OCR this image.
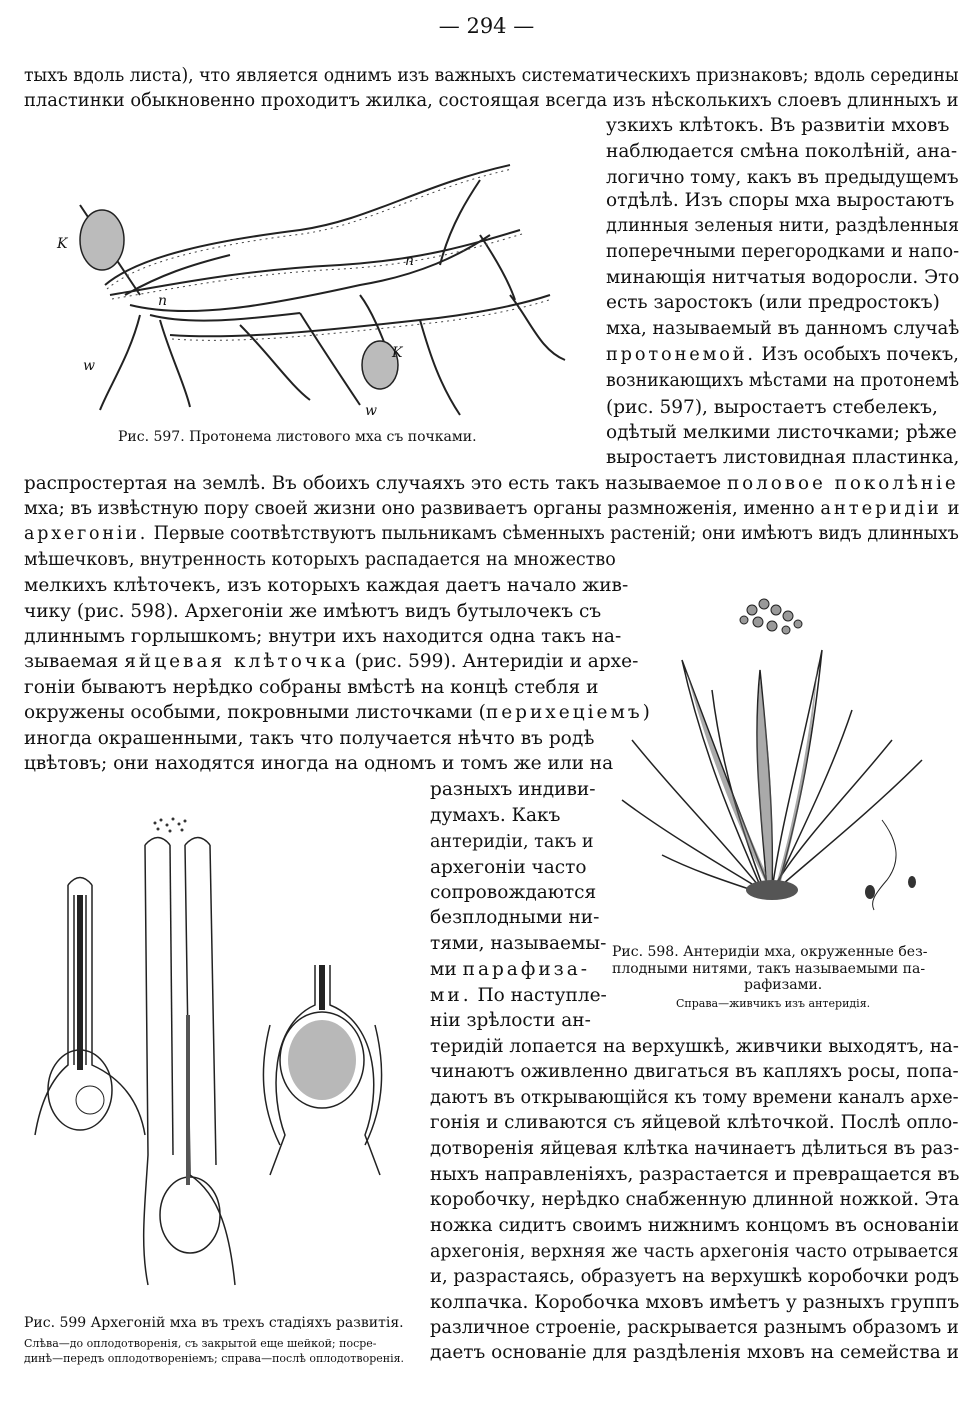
— 294 —
тыхъ вдоль листа), что является однимъ изъ важныхъ систематическихъ признаковъ; вдоль середины
пластинки обыкновенно проходитъ жилка, состоящая всегда изъ нѣсколькихъ слоевъ длинныхъ и
узкихъ клѣтокъ. Въ развитіи мховъ
наблюдается смѣна поколѣній, ана-
логично тому, какъ въ предыдущемъ
отдѣлѣ. Изъ споры мха выростаютъ
длинныя зеленыя нити, раздѣленныя
поперечными перегородками и напо-
минающія нитчатыя водоросли. Это
есть заростокъ (или предростокъ)
мха, называемый въ данномъ случаѣ
протонемой. Изъ особыхъ почекъ,
возникающихъ мѣстами на протонемѣ
(рис. 597), выростаетъ стебелекъ,
одѣтый мелкими листочками; рѣже
выростаетъ листовидная пластинка,
K
n
n
K
w
w
Рис. 597. Протонема листового мха съ почками.
распростертая на землѣ. Въ обоихъ случаяхъ это есть такъ называемое половое поколѣніе
мха; въ извѣстную пору своей жизни оно развиваетъ органы размноженія, именно антеридіи и
архегоніи. Первые соотвѣтствуютъ пыльникамъ сѣменныхъ растеній; они имѣютъ видъ длинныхъ
мѣшечковъ, внутренность которыхъ распадается на множество
мелкихъ клѣточекъ, изъ которыхъ каждая даетъ начало жив-
чику (рис. 598). Архегоніи же имѣютъ видъ бутылочекъ съ
длиннымъ горлышкомъ; внутри ихъ находится одна такъ на-
зываемая яйцевая клѣточка (рис. 599). Антеридіи и архе-
гоніи бываютъ нерѣдко собраны вмѣстѣ на концѣ стебля и
окружены особыми, покровными листочками (перихеціемъ)
иногда окрашенными, такъ что получается нѣчто въ родѣ
цвѣтовъ; они находятся иногда на одномъ и томъ же или на
Рис. 598. Антеридіи мха, окруженные без-
плодными нитями, такъ называемыми па-
рафизами.
Справа—живчикъ изъ антеридія.
Рис. 599 Архегоній мха въ трехъ стадіяхъ развитія.
Слѣва—до оплодотворенія, съ закрытой еще шейкой; посре-
динѣ—передъ оплодотвореніемъ; справа—послѣ оплодотворенія.
разныхъ индиви-
думахъ. Какъ
антеридіи, такъ и
архегоніи часто
сопровождаются
безплодными ни-
тями, называемы-
ми парафиза-
ми. По наступле-
ніи зрѣлости ан-
теридій лопается на верхушкѣ, живчики выходятъ, на-
чинаютъ оживленно двигаться въ капляхъ росы, попа-
даютъ въ открывающійся къ тому времени каналъ архе-
гонія и сливаются съ яйцевой клѣточкой. Послѣ оплo-
дотворенія яйцевая клѣтка начинаетъ дѣлиться въ раз-
ныхъ направленіяхъ, разрастается и превращается въ
коробочку, нерѣдко снабженную длинной ножкой. Эта
ножка сидитъ своимъ нижнимъ концомъ въ основаніи
архегонія, верхняя же часть архегонія часто отрывается
и, разрастаясь, образуетъ на верхушкѣ коробочки родъ
колпачка. Коробочка мховъ имѣетъ у разныхъ группъ
различное строеніе, раскрывается разнымъ образомъ и
даетъ основаніе для раздѣленія мховъ на семейства и
